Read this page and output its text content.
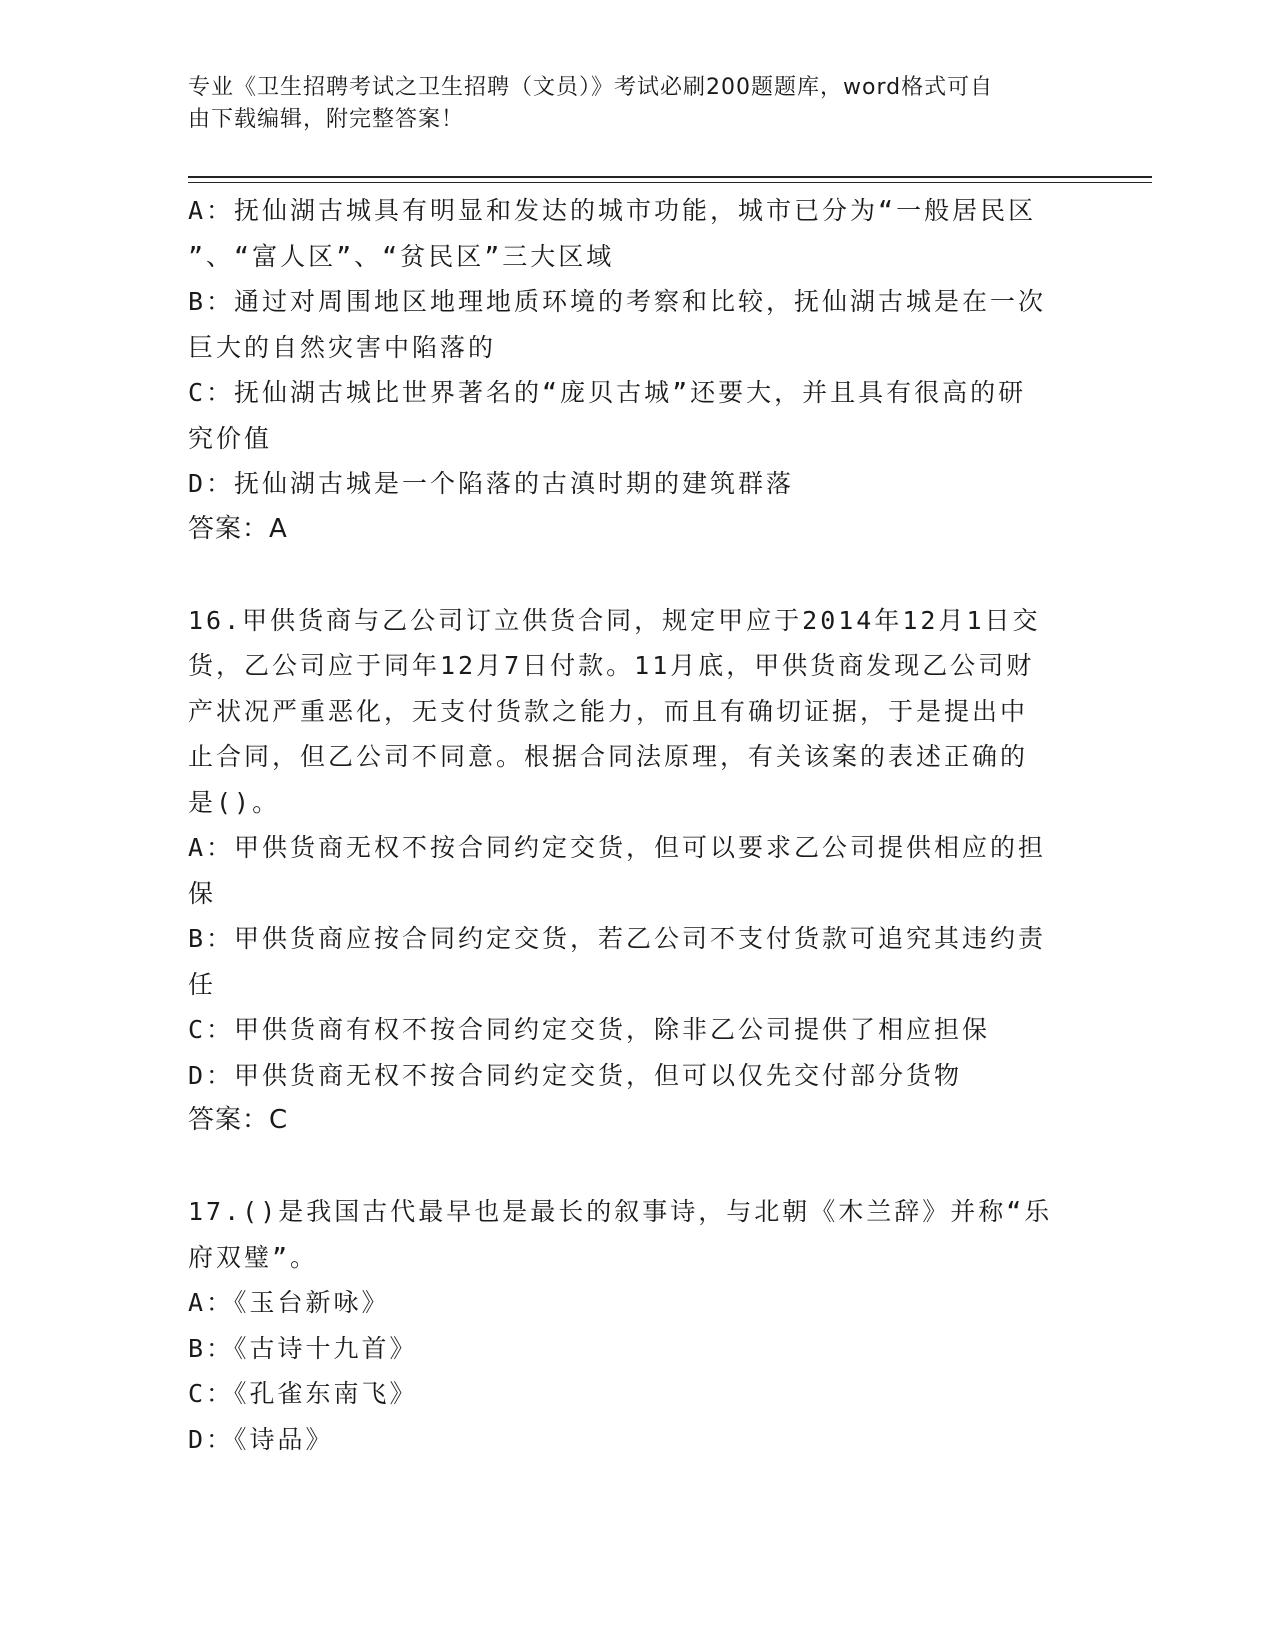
专业《卫生招聘考试之卫生招聘（文员）》考试必刷200题题库，word格式可自
由下载编辑，附完整答案！
A：抚仙湖古城具有明显和发达的城市功能，城市已分为“一般居民区
”、“富人区”、“贫民区”三大区域
B：通过对周围地区地理地质环境的考察和比较，抚仙湖古城是在一次
巨大的自然灾害中陷落的
C：抚仙湖古城比世界著名的“庞贝古城”还要大，并且具有很高的研
究价值
D：抚仙湖古城是一个陷落的古滇时期的建筑群落
答案：A
16.甲供货商与乙公司订立供货合同，规定甲应于2014年12月1日交
货，乙公司应于同年12月7日付款。11月底，甲供货商发现乙公司财
产状况严重恶化，无支付货款之能力，而且有确切证据，于是提出中
止合同，但乙公司不同意。根据合同法原理，有关该案的表述正确的
是()。
A：甲供货商无权不按合同约定交货，但可以要求乙公司提供相应的担
保
B：甲供货商应按合同约定交货，若乙公司不支付货款可追究其违约责
任
C：甲供货商有权不按合同约定交货，除非乙公司提供了相应担保
D：甲供货商无权不按合同约定交货，但可以仅先交付部分货物
答案：C
17.()是我国古代最早也是最长的叙事诗，与北朝《木兰辞》并称“乐
府双璧”。
A：《玉台新咏》
B：《古诗十九首》
C：《孔雀东南飞》
D：《诗品》
